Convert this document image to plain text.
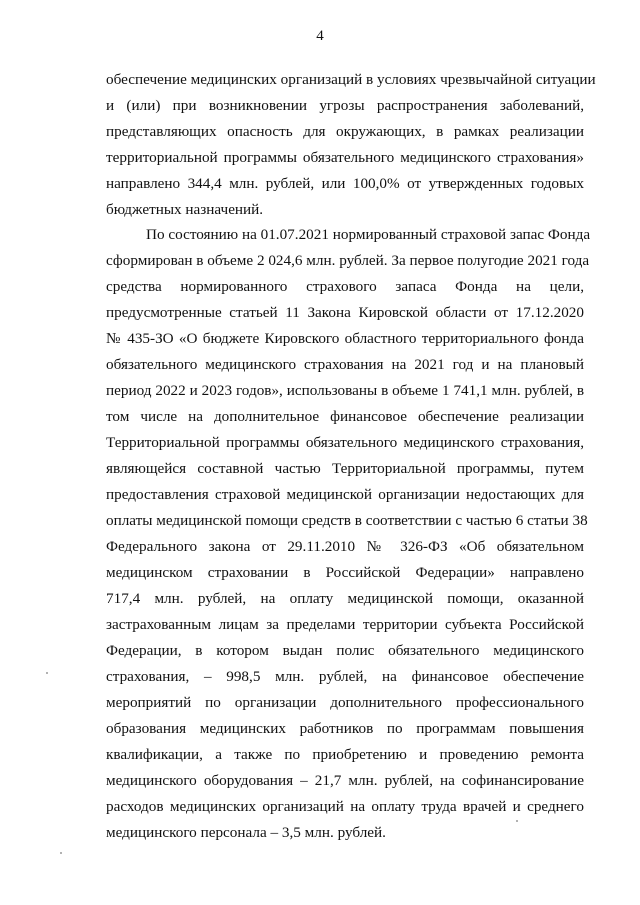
4
обеспечение медицинских организаций в условиях чрезвычайной ситуации
и (или) при возникновении угрозы распространения заболеваний,
представляющих опасность для окружающих, в рамках реализации
территориальной программы обязательного медицинского страхования»
направлено 344,4 млн. рублей, или 100,0% от утвержденных годовых
бюджетных назначений.
По состоянию на 01.07.2021 нормированный страховой запас Фонда
сформирован в объеме 2 024,6 млн. рублей. За первое полугодие 2021 года
средства нормированного страхового запаса Фонда на цели,
предусмотренные статьей 11 Закона Кировской области от 17.12.2020
№ 435-ЗО «О бюджете Кировского областного территориального фонда
обязательного медицинского страхования на 2021 год и на плановый
период 2022 и 2023 годов», использованы в объеме 1 741,1 млн. рублей, в
том числе на дополнительное финансовое обеспечение реализации
Территориальной программы обязательного медицинского страхования,
являющейся составной частью Территориальной программы, путем
предоставления страховой медицинской организации недостающих для
оплаты медицинской помощи средств в соответствии с частью 6 статьи 38
Федерального закона от 29.11.2010 № 326-ФЗ «Об обязательном
медицинском страховании в Российской Федерации» направлено
717,4 млн. рублей, на оплату медицинской помощи, оказанной
застрахованным лицам за пределами территории субъекта Российской
Федерации, в котором выдан полис обязательного медицинского
страхования, – 998,5 млн. рублей, на финансовое обеспечение
мероприятий по организации дополнительного профессионального
образования медицинских работников по программам повышения
квалификации, а также по приобретению и проведению ремонта
медицинского оборудования – 21,7 млн. рублей, на софинансирование
расходов медицинских организаций на оплату труда врачей и среднего
медицинского персонала – 3,5 млн. рублей.
